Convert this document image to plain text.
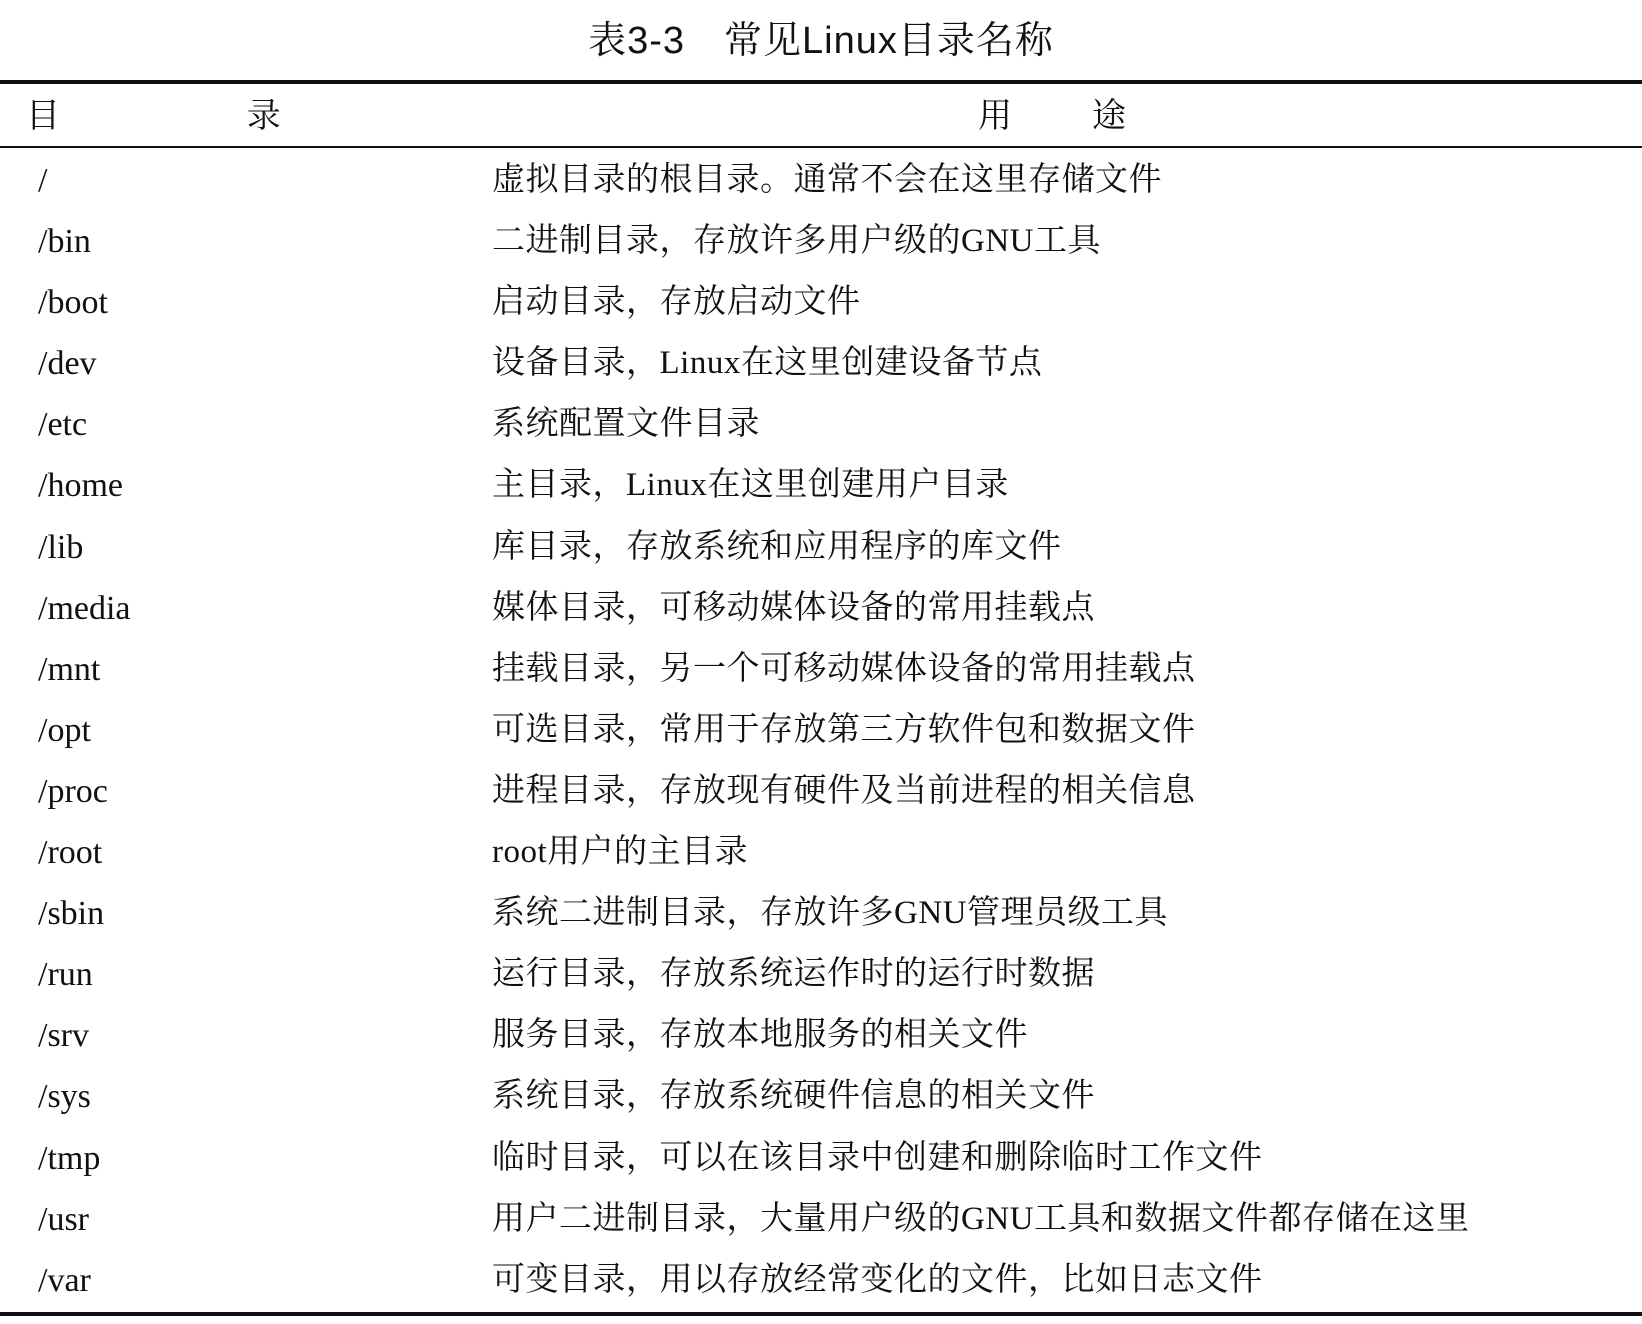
表3-3　常见Linux目录名称
目 录	用途
/	虚拟目录的根目录。通常不会在这里存储文件
/bin	二进制目录，存放许多用户级的GNU工具
/boot	启动目录，存放启动文件
/dev	设备目录，Linux在这里创建设备节点
/etc	系统配置文件目录
/home	主目录，Linux在这里创建用户目录
/lib	库目录，存放系统和应用程序的库文件
/media	媒体目录，可移动媒体设备的常用挂载点
/mnt	挂载目录，另一个可移动媒体设备的常用挂载点
/opt	可选目录，常用于存放第三方软件包和数据文件
/proc	进程目录，存放现有硬件及当前进程的相关信息
/root	root用户的主目录
/sbin	系统二进制目录，存放许多GNU管理员级工具
/run	运行目录，存放系统运作时的运行时数据
/srv	服务目录，存放本地服务的相关文件
/sys	系统目录，存放系统硬件信息的相关文件
/tmp	临时目录，可以在该目录中创建和删除临时工作文件
/usr	用户二进制目录，大量用户级的GNU工具和数据文件都存储在这里
/var	可变目录，用以存放经常变化的文件，比如日志文件
